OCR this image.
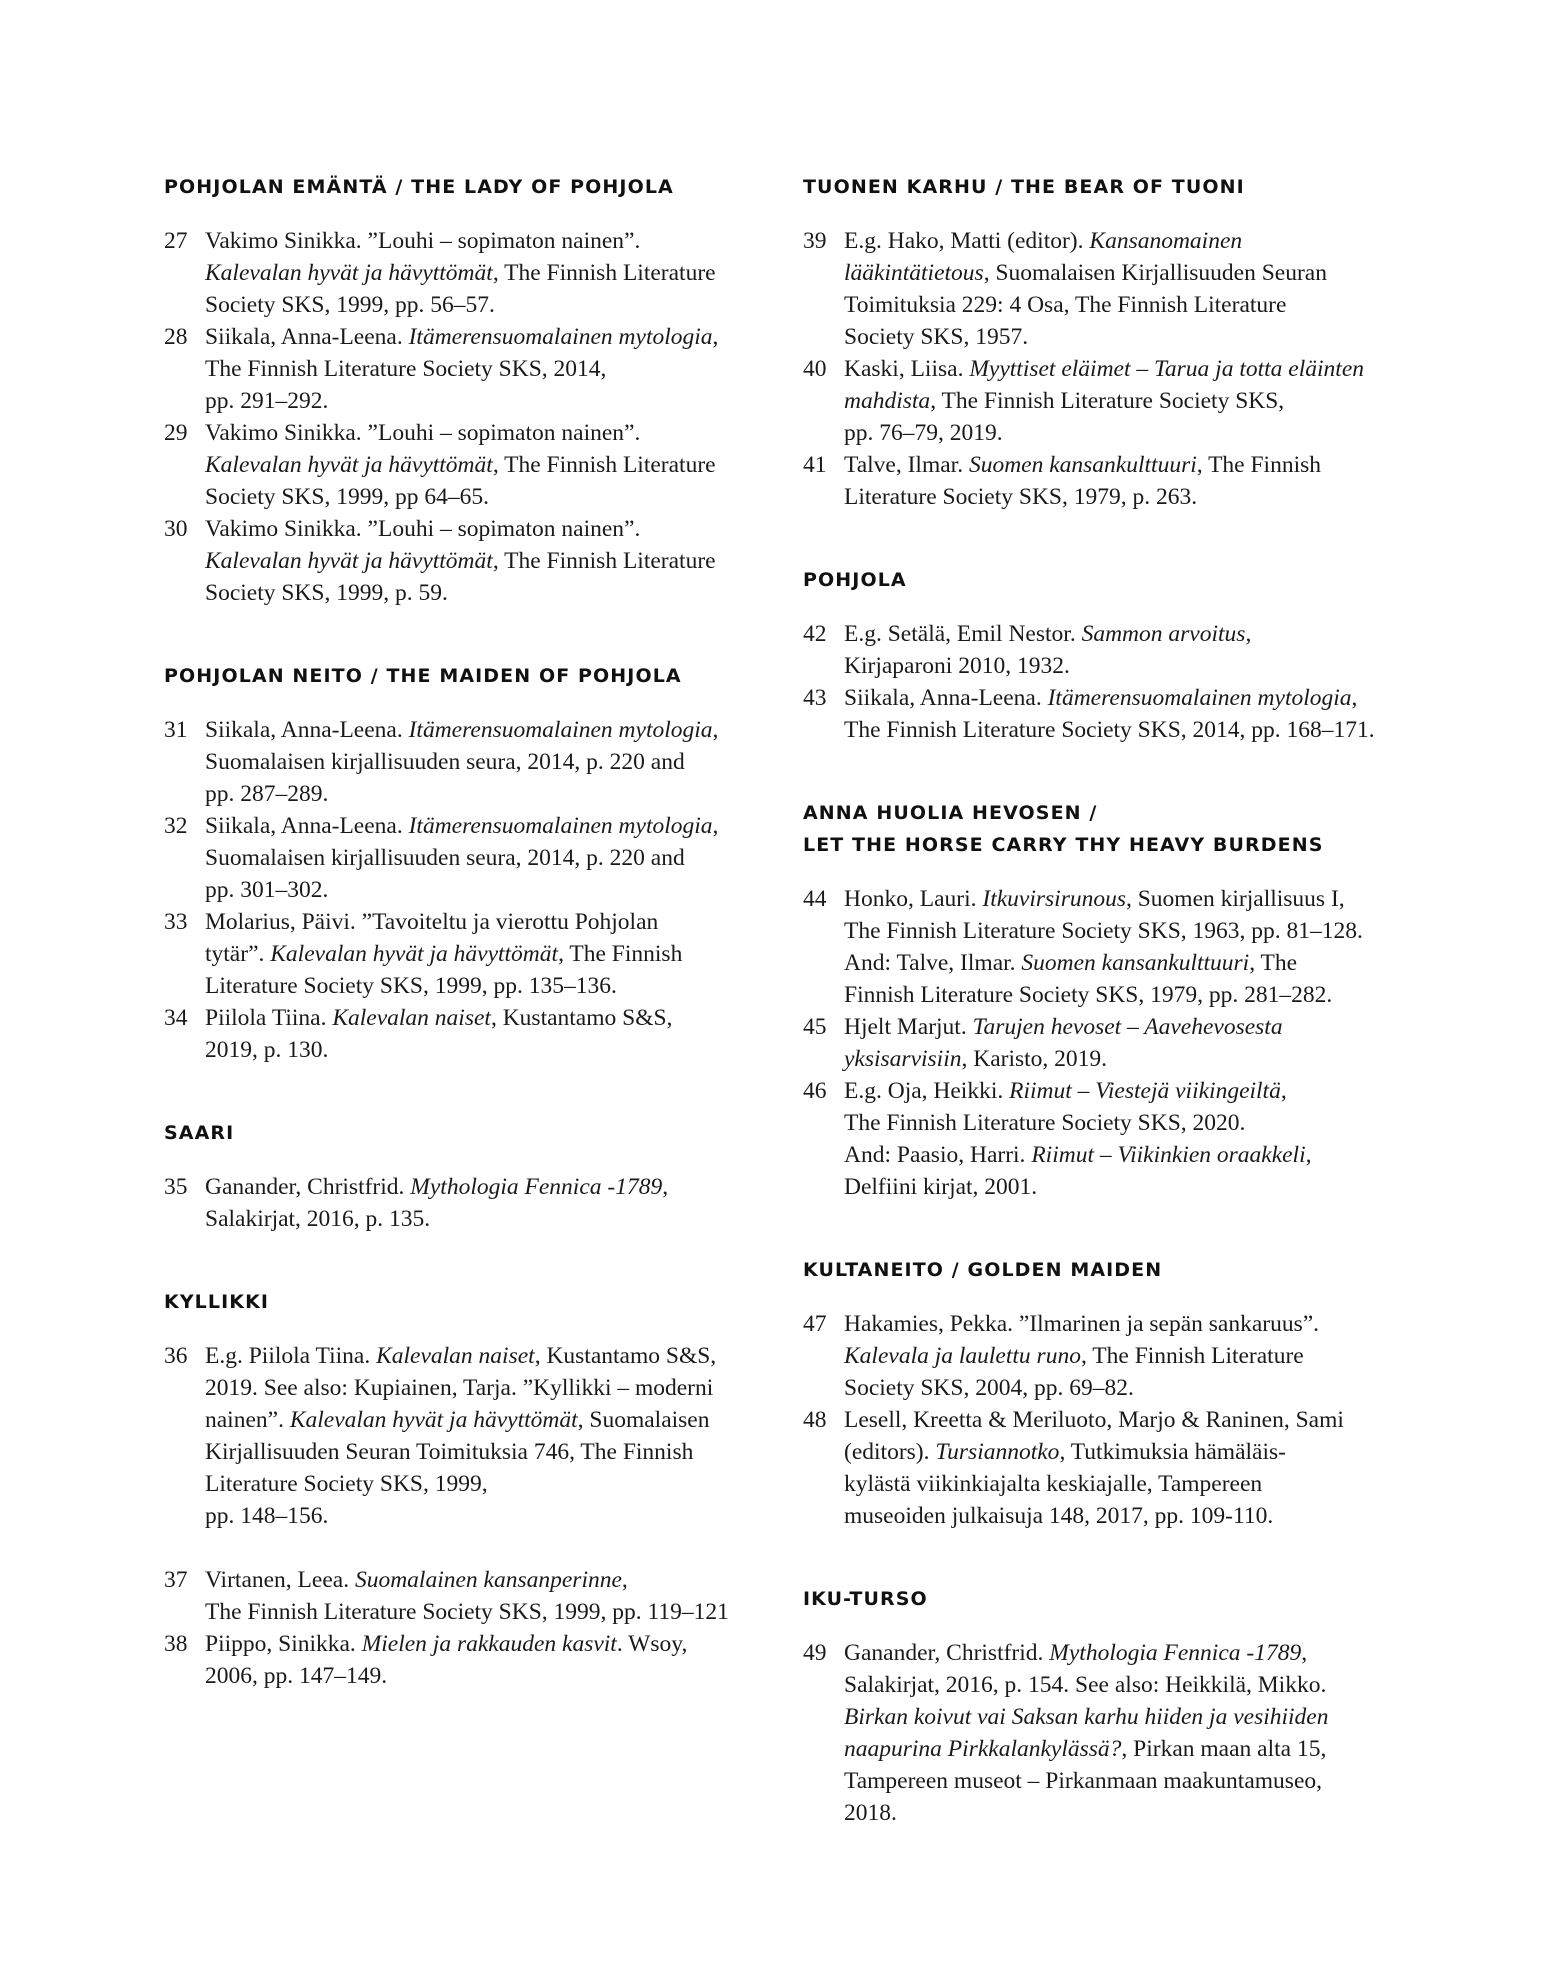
POHJOLAN EMÄNTÄ / THE LADY OF POHJOLA
27 Vakimo Sinikka. ”Louhi – sopimaton nainen”.
Kalevalan hyvät ja hävyttömät, The Finnish Literature
Society SKS, 1999, pp. 56–57.
28 Siikala, Anna-Leena. Itämerensuomalainen mytologia,
The Finnish Literature Society SKS, 2014,
pp. 291–292.
29 Vakimo Sinikka. ”Louhi – sopimaton nainen”.
Kalevalan hyvät ja hävyttömät, The Finnish Literature
Society SKS, 1999, pp 64–65.
30 Vakimo Sinikka. ”Louhi – sopimaton nainen”.
Kalevalan hyvät ja hävyttömät, The Finnish Literature
Society SKS, 1999, p. 59.
POHJOLAN NEITO / THE MAIDEN OF POHJOLA
31 Siikala, Anna-Leena. Itämerensuomalainen mytologia,
Suomalaisen kirjallisuuden seura, 2014, p. 220 and
pp. 287–289.
32 Siikala, Anna-Leena. Itämerensuomalainen mytologia,
Suomalaisen kirjallisuuden seura, 2014, p. 220 and
pp. 301–302.
33 Molarius, Päivi. ”Tavoiteltu ja vierottu Pohjolan
tytär”. Kalevalan hyvät ja hävyttömät, The Finnish
Literature Society SKS, 1999, pp. 135–136.
34 Piilola Tiina. Kalevalan naiset, Kustantamo S&S,
2019, p. 130.
SAARI
35 Ganander, Christfrid. Mythologia Fennica -1789,
Salakirjat, 2016, p. 135.
KYLLIKKI
36 E.g. Piilola Tiina. Kalevalan naiset, Kustantamo S&S,
2019. See also: Kupiainen, Tarja. ”Kyllikki – moderni
nainen”. Kalevalan hyvät ja hävyttömät, Suomalaisen
Kirjallisuuden Seuran Toimituksia 746, The Finnish
Literature Society SKS, 1999,
pp. 148–156.
37 Virtanen, Leea. Suomalainen kansanperinne,
The Finnish Literature Society SKS, 1999, pp. 119–121
38 Piippo, Sinikka. Mielen ja rakkauden kasvit. Wsoy,
2006, pp. 147–149.
TUONEN KARHU / THE BEAR OF TUONI
39 E.g. Hako, Matti (editor). Kansanomainen
lääkintätietous, Suomalaisen Kirjallisuuden Seuran
Toimituksia 229: 4 Osa, The Finnish Literature
Society SKS, 1957.
40 Kaski, Liisa. Myyttiset eläimet – Tarua ja totta eläinten
mahdista, The Finnish Literature Society SKS,
pp. 76–79, 2019.
41 Talve, Ilmar. Suomen kansankulttuuri, The Finnish
Literature Society SKS, 1979, p. 263.
POHJOLA
42 E.g. Setälä, Emil Nestor. Sammon arvoitus,
Kirjaparoni 2010, 1932.
43 Siikala, Anna-Leena. Itämerensuomalainen mytologia,
The Finnish Literature Society SKS, 2014, pp. 168–171.
ANNA HUOLIA HEVOSEN /
LET THE HORSE CARRY THY HEAVY BURDENS
44 Honko, Lauri. Itkuvirsirunous, Suomen kirjallisuus I,
The Finnish Literature Society SKS, 1963, pp. 81–128.
And: Talve, Ilmar. Suomen kansankulttuuri, The
Finnish Literature Society SKS, 1979, pp. 281–282.
45 Hjelt Marjut. Tarujen hevoset – Aavehevosesta
yksisarvisiin, Karisto, 2019.
46 E.g. Oja, Heikki. Riimut – Viestejä viikingeiltä,
The Finnish Literature Society SKS, 2020.
And: Paasio, Harri. Riimut – Viikinkien oraakkeli,
Delfiini kirjat, 2001.
KULTANEITO / GOLDEN MAIDEN
47 Hakamies, Pekka. ”Ilmarinen ja sepän sankaruus”.
Kalevala ja laulettu runo, The Finnish Literature
Society SKS, 2004, pp. 69–82.
48 Lesell, Kreetta & Meriluoto, Marjo & Raninen, Sami
(editors). Tursiannotko, Tutkimuksia hämäläis-
kylästä viikinkiajalta keskiajalle, Tampereen
museoiden julkaisuja 148, 2017, pp. 109-110.
IKU-TURSO
49 Ganander, Christfrid. Mythologia Fennica -1789,
Salakirjat, 2016, p. 154. See also: Heikkilä, Mikko.
Birkan koivut vai Saksan karhu hiiden ja vesihiiden
naapurina Pirkkalankylässä?, Pirkan maan alta 15,
Tampereen museot – Pirkanmaan maakuntamuseo,
2018.
